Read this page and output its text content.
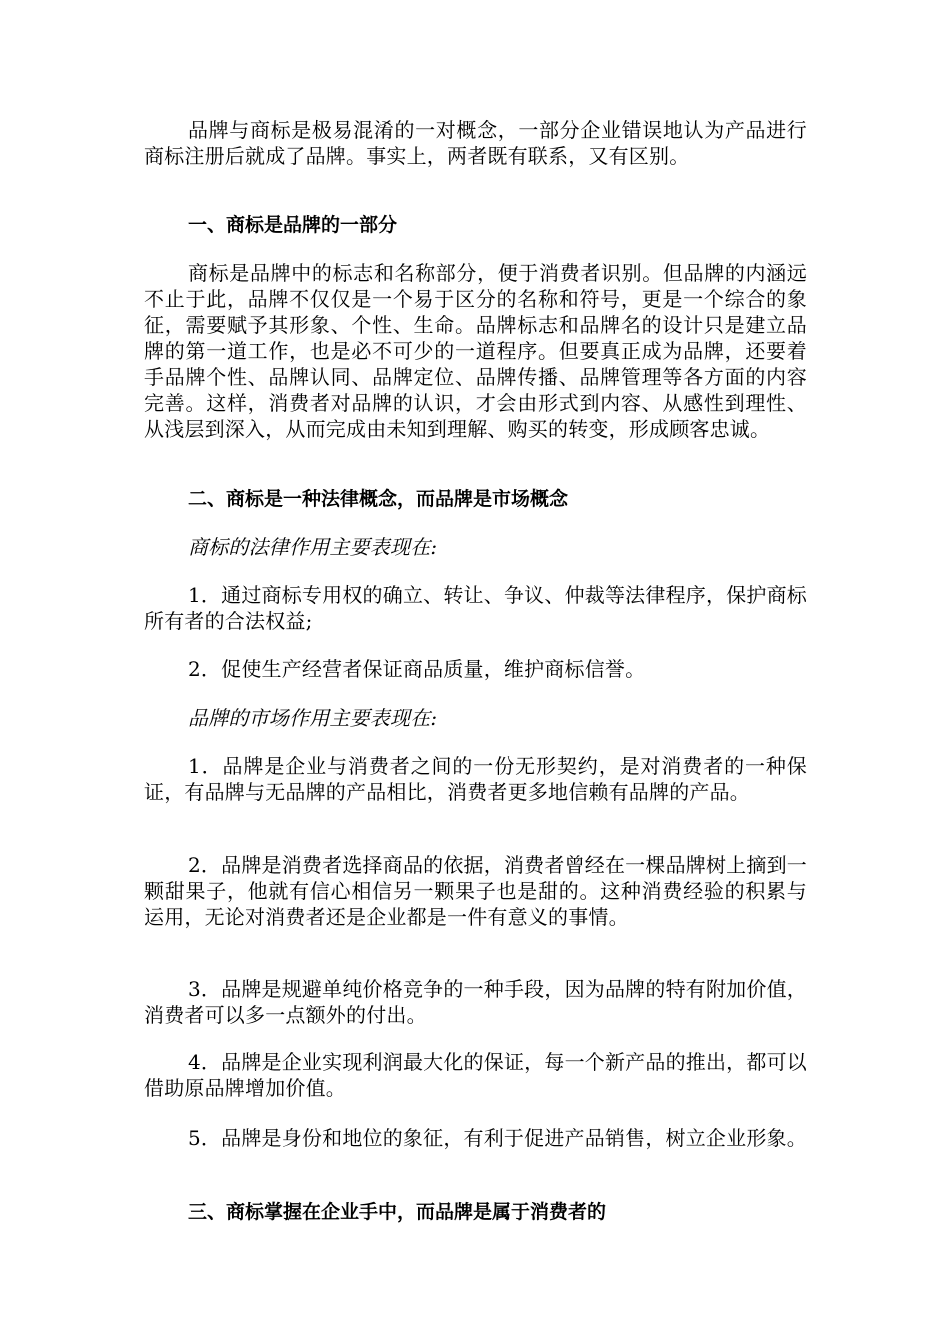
品牌与商标是极易混淆的一对概念，一部分企业错误地认为产品进行商标注册后就成了品牌。事实上，两者既有联系，又有区别。

一、商标是品牌的一部分

商标是品牌中的标志和名称部分，便于消费者识别。但品牌的内涵远不止于此，品牌不仅仅是一个易于区分的名称和符号，更是一个综合的象征，需要赋予其形象、个性、生命。品牌标志和品牌名的设计只是建立品牌的第一道工作，也是必不可少的一道程序。但要真正成为品牌，还要着手品牌个性、品牌认同、品牌定位、品牌传播、品牌管理等各方面的内容完善。这样，消费者对品牌的认识，才会由形式到内容、从感性到理性、从浅层到深入，从而完成由未知到理解、购买的转变，形成顾客忠诚。

二、商标是一种法律概念，而品牌是市场概念

商标的法律作用主要表现在:

1．通过商标专用权的确立、转让、争议、仲裁等法律程序，保护商标所有者的合法权益;

2．促使生产经营者保证商品质量，维护商标信誉。

品牌的市场作用主要表现在:

1．品牌是企业与消费者之间的一份无形契约，是对消费者的一种保证，有品牌与无品牌的产品相比，消费者更多地信赖有品牌的产品。

2．品牌是消费者选择商品的依据，消费者曾经在一棵品牌树上摘到一颗甜果子，他就有信心相信另一颗果子也是甜的。这种消费经验的积累与运用，无论对消费者还是企业都是一件有意义的事情。

3．品牌是规避单纯价格竞争的一种手段，因为品牌的特有附加价值，消费者可以多一点额外的付出。

4．品牌是企业实现利润最大化的保证，每一个新产品的推出，都可以借助原品牌增加价值。

5．品牌是身份和地位的象征，有利于促进产品销售，树立企业形象。

三、商标掌握在企业手中，而品牌是属于消费者的
